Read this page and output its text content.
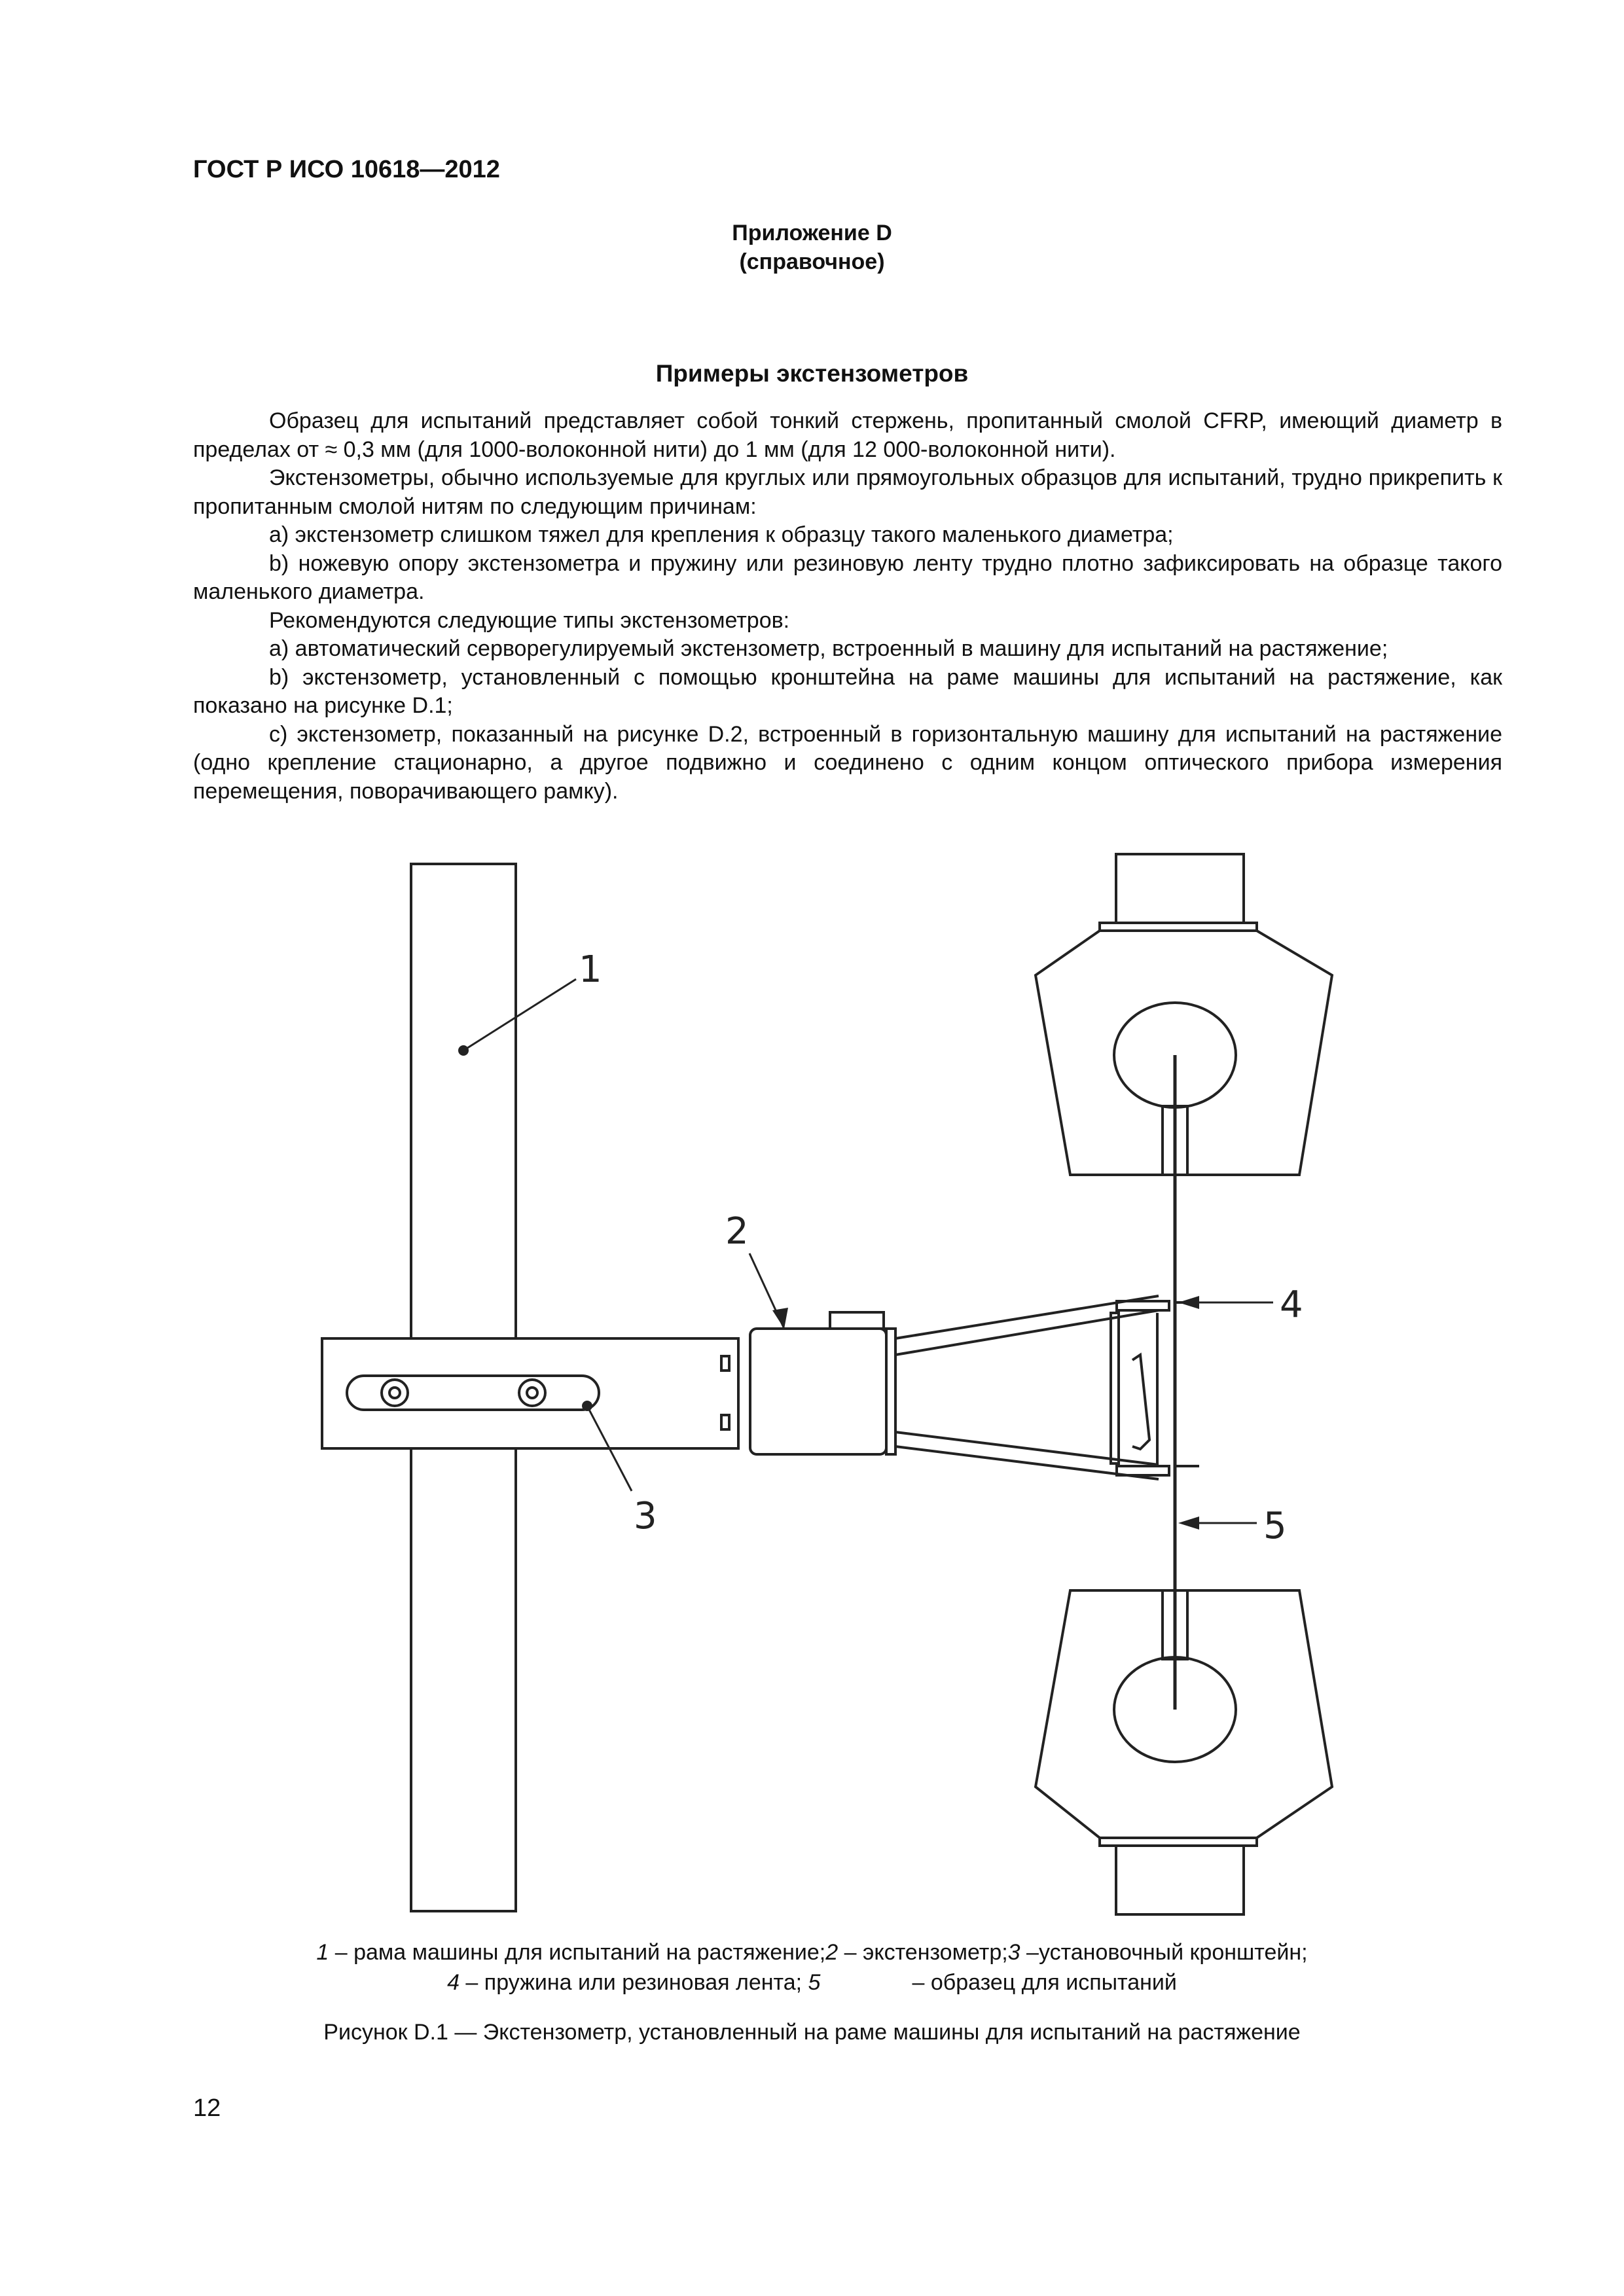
ГОСТ Р ИСО 10618—2012
Приложение D
(справочное)
Примеры экстензометров

Образец для испытаний представляет собой тонкий стержень, пропитанный смолой CFRP, имеющий диаметр в пределах от ≈ 0,3 мм (для 1000-волоконной нити) до 1 мм (для 12 000-волоконной нити).

Экстензометры, обычно используемые для круглых или прямоугольных образцов для испытаний, трудно прикрепить к пропитанным смолой нитям по следующим причинам:

a) экстензометр слишком тяжел для крепления к образцу такого маленького диаметра;

b) ножевую опору экстензометра и пружину или резиновую ленту трудно плотно зафиксировать на образце такого маленького диаметра.

Рекомендуются следующие типы экстензометров:

a) автоматический серворегулируемый экстензометр, встроенный в машину для испытаний на растяжение;

b) экстензометр, установленный с помощью кронштейна на раме машины для испытаний на растяжение, как показано на рисунке D.1;

c) экстензометр, показанный на рисунке D.2, встроенный в горизонтальную машину для испытаний на растяжение (одно крепление стационарно, а другое подвижно и соединено с одним концом оптического прибора измерения перемещения, поворачивающего рамку).

1
2
3
4
5
1 – рама машины для испытаний на растяжение;2 – экстензометр;3 –установочный кронштейн;
4 – пружина или резиновая лента; 5	– образец для испытаний
Рисунок D.1 — Экстензометр, установленный на раме машины для испытаний на растяжение
12
